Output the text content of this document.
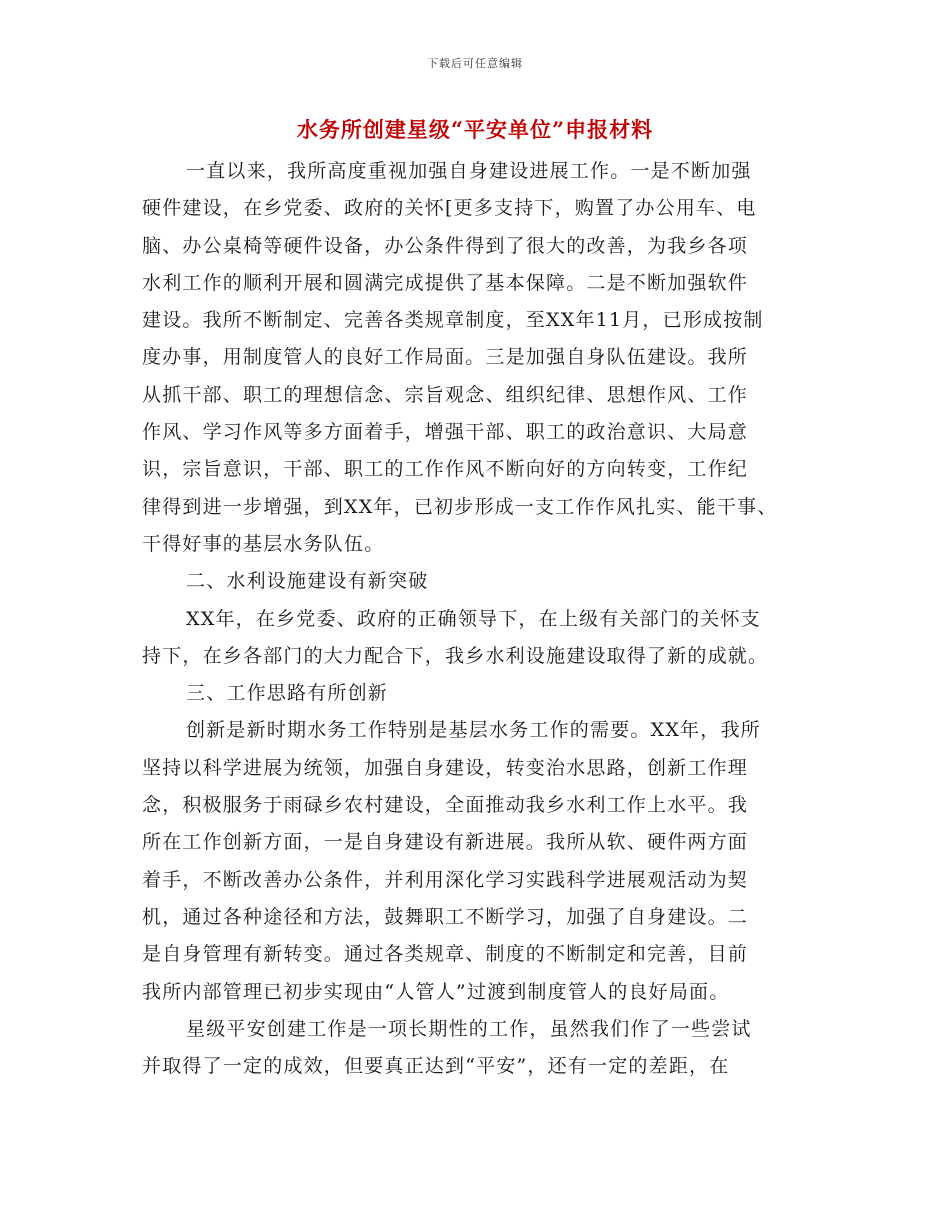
下载后可任意编辑
水务所创建星级“平安单位”申报材料
一直以来，我所高度重视加强自身建设进展工作。一是不断加强
硬件建设，在乡党委、政府的关怀[更多支持下，购置了办公用车、电
脑、办公桌椅等硬件设备，办公条件得到了很大的改善，为我乡各项
水利工作的顺利开展和圆满完成提供了基本保障。二是不断加强软件
建设。我所不断制定、完善各类规章制度，至XX年11月，已形成按制
度办事，用制度管人的良好工作局面。三是加强自身队伍建设。我所
从抓干部、职工的理想信念、宗旨观念、组织纪律、思想作风、工作
作风、学习作风等多方面着手，增强干部、职工的政治意识、大局意
识，宗旨意识，干部、职工的工作作风不断向好的方向转变，工作纪
律得到进一步增强，到XX年，已初步形成一支工作作风扎实、能干事、
干得好事的基层水务队伍。
二、水利设施建设有新突破
XX年，在乡党委、政府的正确领导下，在上级有关部门的关怀支
持下，在乡各部门的大力配合下，我乡水利设施建设取得了新的成就。
三、工作思路有所创新
创新是新时期水务工作特别是基层水务工作的需要。XX年，我所
坚持以科学进展为统领，加强自身建设，转变治水思路，创新工作理
念，积极服务于雨碌乡农村建设，全面推动我乡水利工作上水平。我
所在工作创新方面，一是自身建设有新进展。我所从软、硬件两方面
着手，不断改善办公条件，并利用深化学习实践科学进展观活动为契
机，通过各种途径和方法，鼓舞职工不断学习，加强了自身建设。二
是自身管理有新转变。通过各类规章、制度的不断制定和完善，目前
我所内部管理已初步实现由“人管人”过渡到制度管人的良好局面。
星级平安创建工作是一项长期性的工作，虽然我们作了一些尝试
并取得了一定的成效，但要真正达到“平安”，还有一定的差距，在
